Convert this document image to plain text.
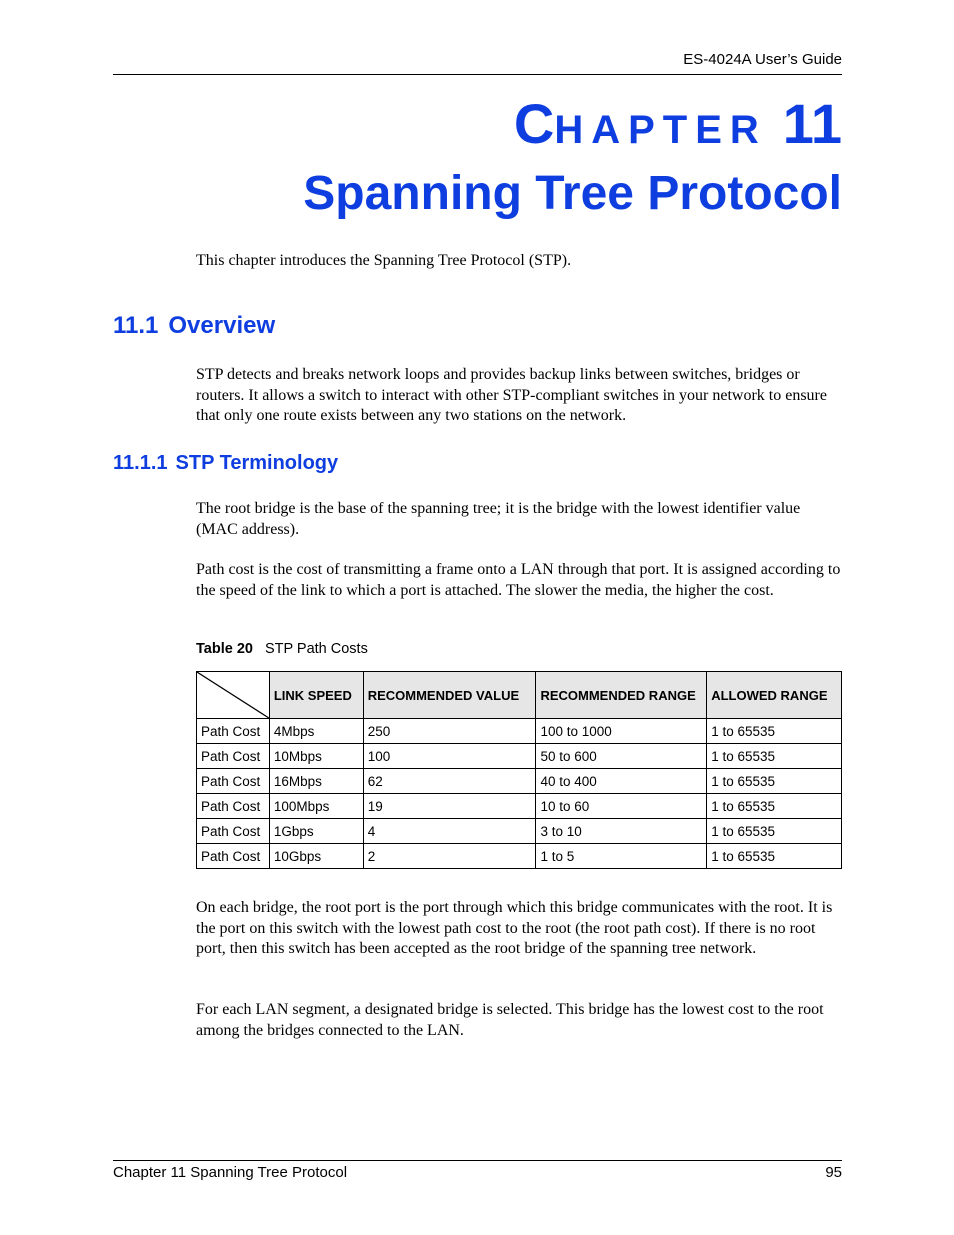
ES-4024A User’s Guide
CHAPTER 11
Spanning Tree Protocol

This chapter introduces the Spanning Tree Protocol (STP).

11.1 Overview

STP detects and breaks network loops and provides backup links between switches, bridges or routers. It allows a switch to interact with other STP-compliant switches in your network to ensure that only one route exists between any two stations on the network.

11.1.1 STP Terminology

The root bridge is the base of the spanning tree; it is the bridge with the lowest identifier value (MAC address).

Path cost is the cost of transmitting a frame onto a LAN through that port. It is assigned according to the speed of the link to which a port is attached. The slower the media, the higher the cost.

Table 20 STP Path Costs
	LINK SPEED	RECOMMENDED VALUE	RECOMMENDED RANGE	ALLOWED RANGE
Path Cost	4Mbps	250	100 to 1000	1 to 65535
Path Cost	10Mbps	100	50 to 600	1 to 65535
Path Cost	16Mbps	62	40 to 400	1 to 65535
Path Cost	100Mbps	19	10 to 60	1 to 65535
Path Cost	1Gbps	4	3 to 10	1 to 65535
Path Cost	10Gbps	2	1 to 5	1 to 65535

On each bridge, the root port is the port through which this bridge communicates with the root. It is the port on this switch with the lowest path cost to the root (the root path cost). If there is no root port, then this switch has been accepted as the root bridge of the spanning tree network.

For each LAN segment, a designated bridge is selected. This bridge has the lowest cost to the root among the bridges connected to the LAN.

Chapter 11 Spanning Tree Protocol	95
